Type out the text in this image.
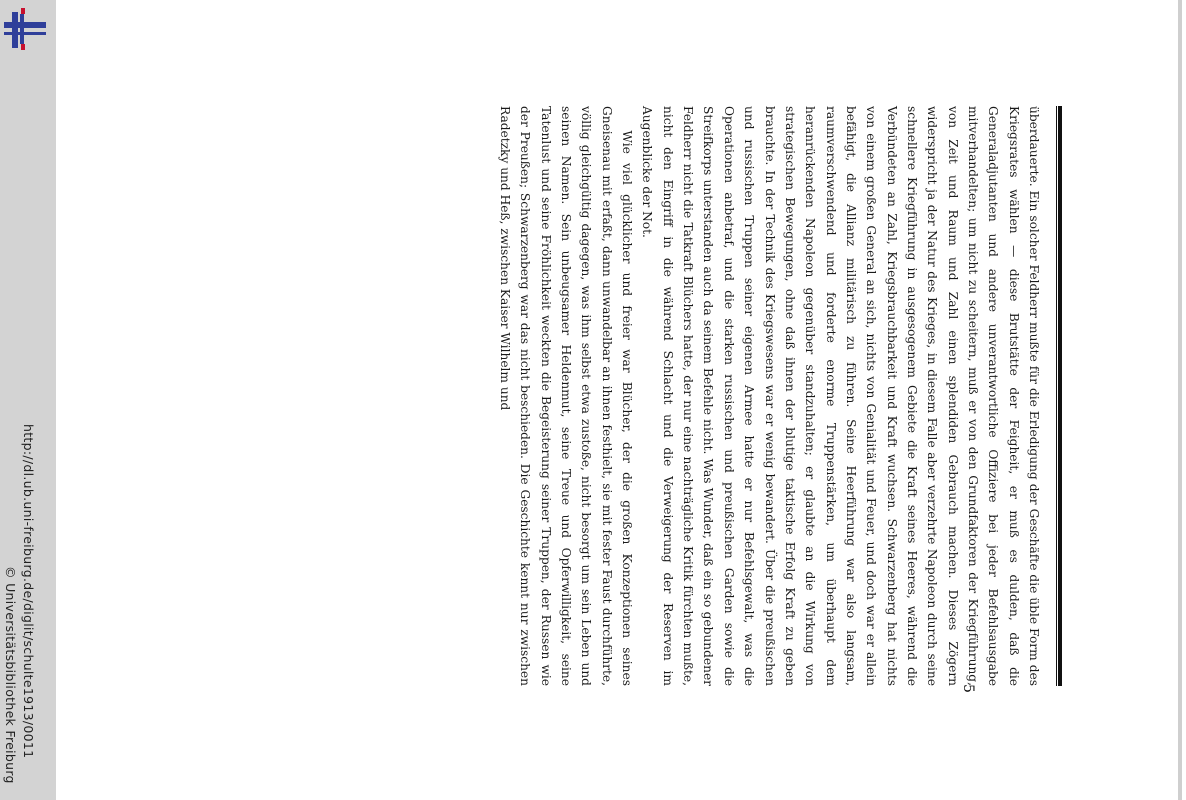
http://dl.ub.uni-freiburg.de/diglit/schulte1913/0011
© Universitätsbibliothek Freiburg	überdauerte. Ein solcher Feldherr mußte für die Erledigung der Geschäfte die üble Form des Kriegsrates wählen — diese Brutstätte der Feigheit, er muß es dulden, daß die Generaladjutanten und andere unverantwortliche Offiziere bei jeder Befehlsausgabe mitverhandelten; um nicht zu scheitern, muß er von den Grundfaktoren der Kriegführung, von Zeit und Raum und Zahl einen splendiden Gebrauch machen. Dieses Zögern widerspricht ja der Natur des Krieges, in diesem Falle aber verzehrte Napoleon durch seine schnellere Kriegführung in ausgesogenem Gebiete die Kraft seines Heeres, während die Verbündeten an Zahl, Kriegsbrauchbarkeit und Kraft wuchsen. Schwarzenberg hat nichts von einem großen General an sich, nichts von Genialität und Feuer, und doch war er allein befähigt, die Allianz militärisch zu führen. Seine Heerführung war also langsam, raumverschwendend und forderte enorme Truppenstärken, um überhaupt dem heranrückenden Napoleon gegenüber standzuhalten; er glaubte an die Wirkung von strategischen Bewegungen, ohne daß ihnen der blutige taktische Erfolg Kraft zu geben brauchte. In der Technik des Kriegswesens war er wenig bewandert. Über die preußischen und russischen Truppen seiner eigenen Armee hatte er nur Befehlsgewalt, was die Operationen anbetraf, und die starken russischen und preußischen Garden sowie die Streifkorps unterstanden auch da seinem Befehle nicht. Was Wunder, daß ein so gebundener Feldherr nicht die Tatkraft Blüchers hatte, der nur eine nachträgliche Kritik fürchten mußte, nicht den Eingriff in die während Schlacht und die Verweigerung der Reserven im Augenblicke der Not.

Wie viel glücklicher und freier war Blücher, der die großen Konzeptionen seines Gneisenau mit erfaßt, dann unwandelbar an ihnen festhielt, sie mit fester Faust durchführte, völlig gleichgültig dagegen, was ihm selbst etwa zustoße, nicht besorgt um sein Leben und seinen Namen. Sein unbeugsamer Heldenmut, seine Treue und Opferwilligkeit, seine Tatenlust und seine Fröhlichkeit weckten die Begeisterung seiner Truppen, der Russen wie der Preußen; Schwarzenberg war das nicht beschieden. Die Geschichte kennt nur zwischen Radetzky und Heß, zwischen Kaiser Wilhelm und

5
